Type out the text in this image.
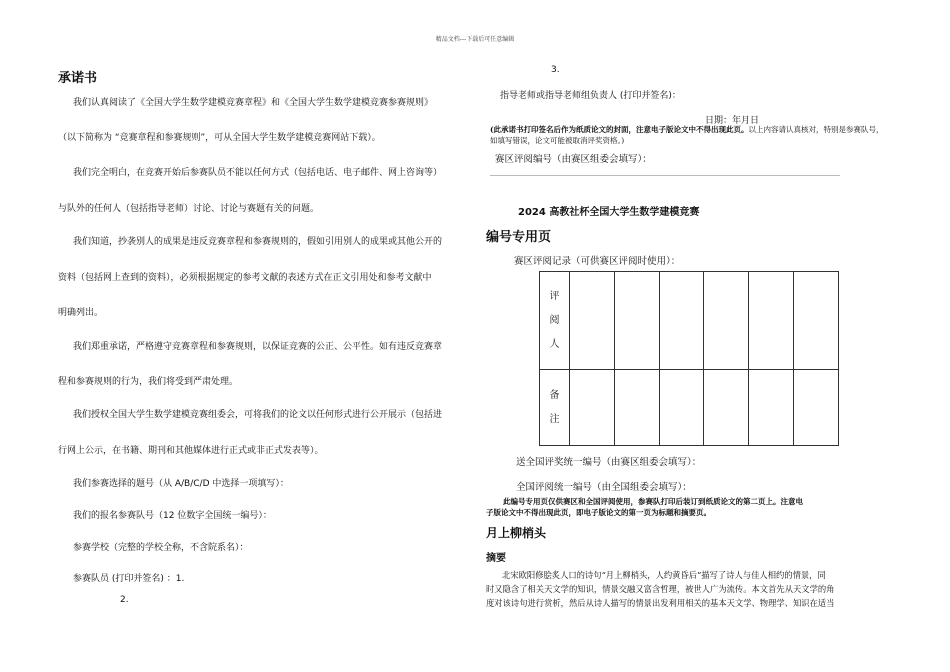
精品文档---下载后可任意编辑
承诺书
我们认真阅读了《全国大学生数学建模竞赛章程》和《全国大学生数学建模竞赛参赛规则》
（以下简称为 “竞赛章程和参赛规则”，可从全国大学生数学建模竞赛网站下载）。
我们完全明白，在竞赛开始后参赛队员不能以任何方式（包括电话、电子邮件、网上咨询等）
与队外的任何人（包括指导老师）讨论、讨论与赛题有关的问题。
我们知道，抄袭别人的成果是违反竞赛章程和参赛规则的，假如引用别人的成果或其他公开的
资料（包括网上查到的资料），必须根据规定的参考文献的表述方式在正文引用处和参考文献中
明确列出。
我们郑重承诺，严格遵守竞赛章程和参赛规则，以保证竞赛的公正、公平性。如有违反竞赛章
程和参赛规则的行为，我们将受到严肃处理。
我们授权全国大学生数学建模竞赛组委会，可将我们的论文以任何形式进行公开展示（包括进
行网上公示，在书籍、期刊和其他媒体进行正式或非正式发表等）。
我们参赛选择的题号（从 A/B/C/D 中选择一项填写）：
我们的报名参赛队号（12 位数字全国统一编号）：
参赛学校（完整的学校全称，不含院系名）：
参赛队员 (打印并签名) ：1.
2.
3.
指导老师或指导老师组负责人 (打印并签名)：
日期：年月日
(此承诺书打印签名后作为纸质论文的封面，注意电子版论文中不得出现此页。以上内容请认真核对，特别是参赛队号，如填写错误，论文可能被取消评奖资格。)
赛区评阅编号（由赛区组委会填写）：
2024 高教社杯全国大学生数学建模竞赛
编号专用页
赛区评阅记录（可供赛区评阅时使用）：
评
阅
人						

备
注						

送全国评奖统一编号（由赛区组委会填写）：
全国评阅统一编号（由全国组委会填写）：
此编号专用页仅供赛区和全国评阅使用，参赛队打印后装订到纸质论文的第二页上。注意电
子版论文中不得出现此页，即电子版论文的第一页为标题和摘要页。
月上柳梢头
摘要
北宋欧阳修脍炙人口的诗句“月上柳梢头，人约黄昏后”描写了诗人与佳人相约的情景，同
时又隐含了相关天文学的知识，情景交融又富含哲理，被世人广为流传。本文首先从天文学的角
度对该诗句进行赏析，然后从诗人描写的情景出发利用相关的基本天文学、物理学、知识在适当
